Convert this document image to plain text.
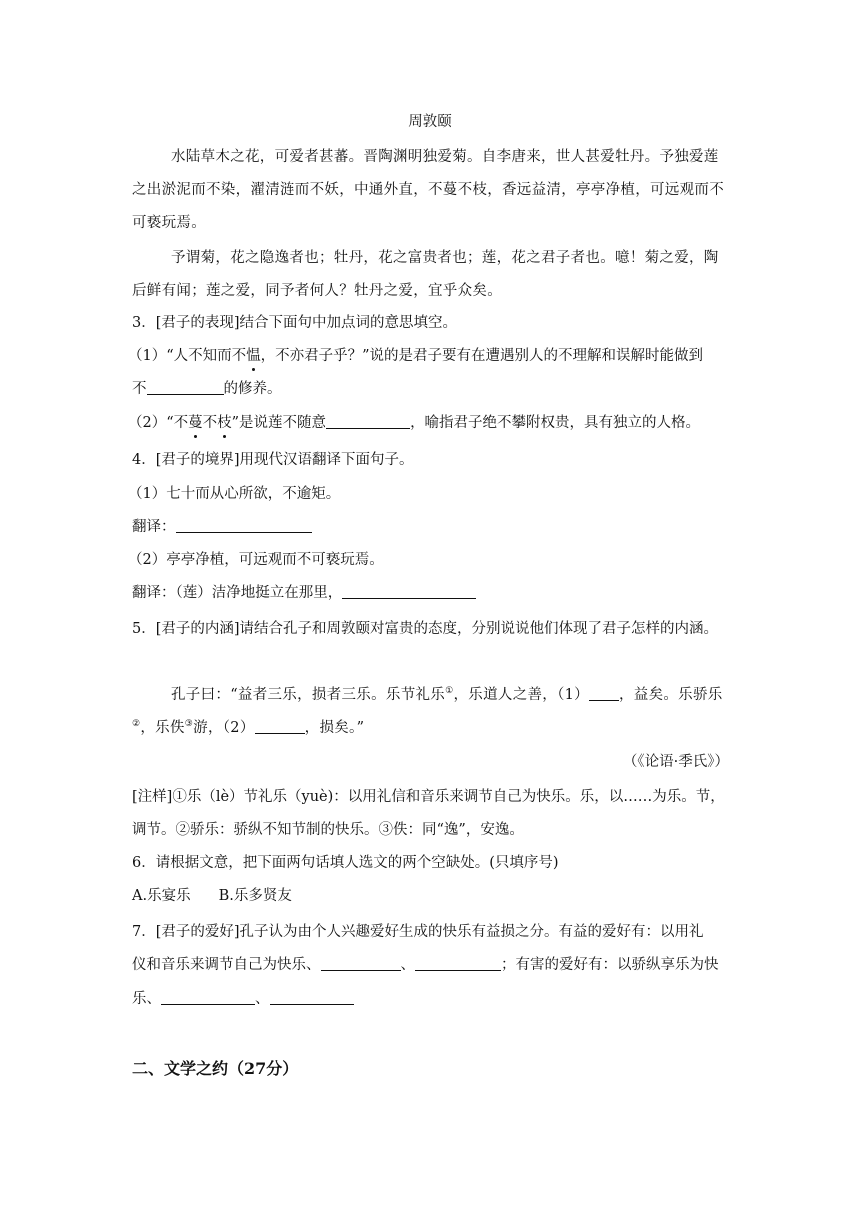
周敦颐
水陆草木之花，可爱者甚蕃。晋陶渊明独爱菊。自李唐来，世人甚爱牡丹。予独爱莲
之出淤泥而不染，濯清涟而不妖，中通外直，不蔓不枝，香远益清，亭亭净植，可远观而不
可亵玩焉。
予谓菊，花之隐逸者也；牡丹，花之富贵者也；莲，花之君子者也。噫！菊之爱，陶
后鲜有闻；莲之爱，同予者何人？牡丹之爱，宜乎众矣。
3．[君子的表现]结合下面句中加点词的意思填空。
（1）“人不知而不愠，不亦君子乎？”说的是君子要有在遭遇别人的不理解和误解时能做到
不	的修养。
（2）“不蔓不枝”是说莲不随意	，喻指君子绝不攀附权贵，具有独立的人格。
4．[君子的境界]用现代汉语翻译下面句子。
（1）七十而从心所欲，不逾矩。
翻译：
（2）亭亭净植，可远观而不可亵玩焉。
翻译：（莲）洁净地挺立在那里，
5．[君子的内涵]请结合孔子和周敦颐对富贵的态度，分别说说他们体现了君子怎样的内涵。
孔子曰：“益者三乐，损者三乐。乐节礼乐①，乐道人之善，（1） ，益矣。乐骄乐
②，乐佚③游，（2）	，损矣。”
（《论语·季氏》）
[注样]①乐（lè）节礼乐（yuè)：以用礼信和音乐来调节自己为快乐。乐，以……为乐。节，
调节。②骄乐：骄纵不知节制的快乐。③佚：同“逸”，安逸。
6．请根据文意，把下面两句话填人选文的两个空缺处。(只填序号)
A.乐宴乐 B.乐多贤友
7．[君子的爱好]孔子认为由个人兴趣爱好生成的快乐有益损之分。有益的爱好有：以用礼
仪和音乐来调节自己为快乐、	、	；有害的爱好有：以骄纵享乐为快
乐、	、
二、文学之约（27分）
